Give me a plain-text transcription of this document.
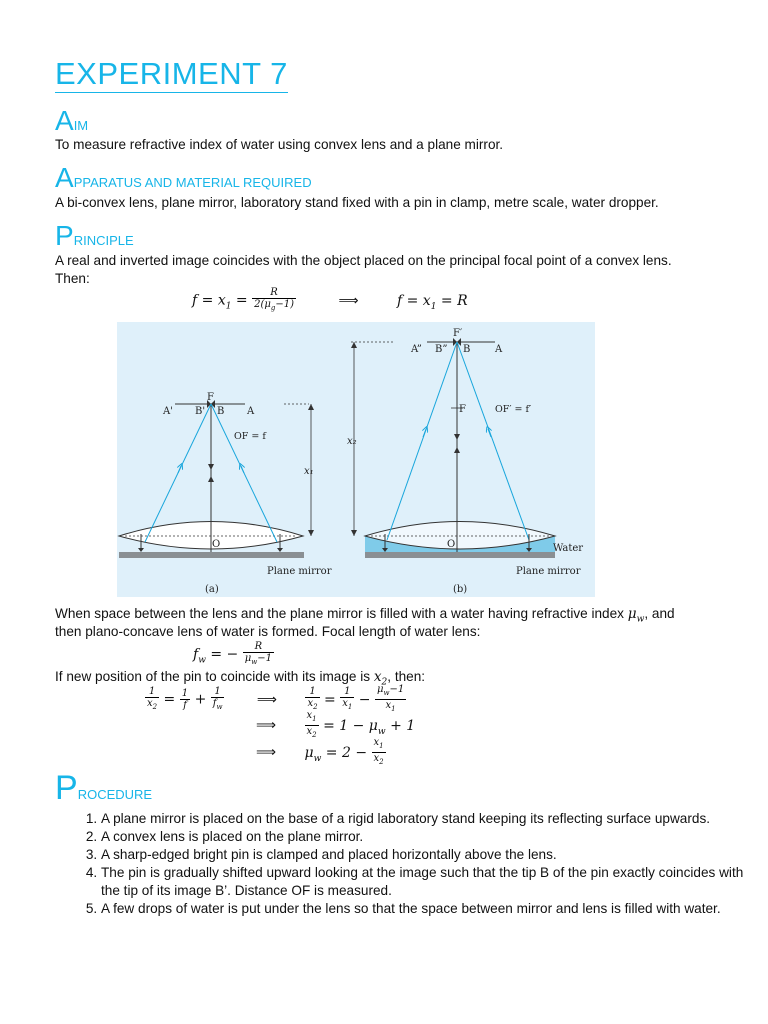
EXPERIMENT 7
AIM
To measure refractive index of water using convex lens and a plane mirror.
APPARATUS AND MATERIAL REQUIRED
A bi-convex lens, plane mirror, laboratory stand fixed with a pin in clamp, metre scale, water dropper.
PRINCIPLE
A real and inverted image coincides with the object placed on the principal focal point of a convex lens.
Then:
$f = x_1 = \frac{R}{2(\mu_g-1)}$	⟹	$f = x_1 = R$
F
A' B' B A
OF = f
x₁
O
Plane mirror
(a)
F′
A” B” B A
F	OF′ = f′
x₂
O	Water
Plane mirror
(b)
When space between the lens and the plane mirror is filled with a water having refractive index $\mu_w$, and
then plano-concave lens of water is formed. Focal length of water lens:
$f_w$ = − $\frac{R}{\mu_w-1}$
If new position of the pin to coincide with its image is $x_2$, then:
$\frac{1}{x_2} = \frac{1}{f} + \frac{1}{f_w}$ ⟹	$\frac{1}{x_2} = \frac{1}{x_1} - \frac{\mu_w-1}{x_1}$
⟹	$\frac{x_1}{x_2} = 1 - \mu_w + 1$
⟹ $\mu_w = 2 - \frac{x_1}{x_2}$
PROCEDURE
1. A plane mirror is placed on the base of a rigid laboratory stand keeping its reflecting surface upwards.
2. A convex lens is placed on the plane mirror.
3. A sharp-edged bright pin is clamped and placed horizontally above the lens.
4. The pin is gradually shifted upward looking at the image such that the tip B of the pin exactly coincides with the tip of its image B’. Distance OF is measured.
5. A few drops of water is put under the lens so that the space between mirror and lens is filled with water.
